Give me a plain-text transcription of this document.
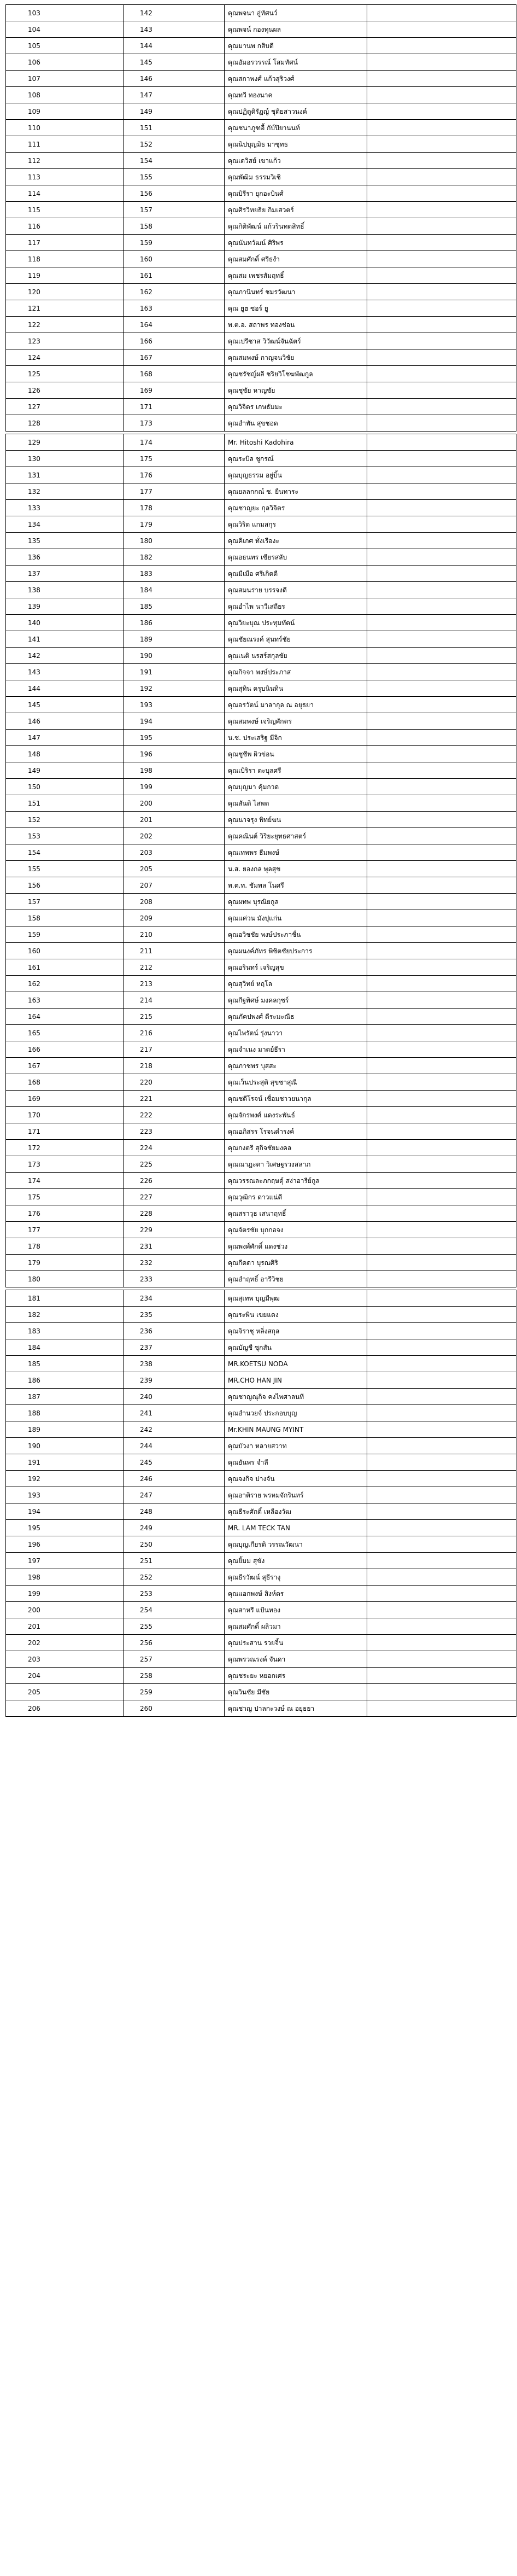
103	142	คุณพจนา อู่ทัศนว์	
104	143	คุณพจน์ กองทุนผล	
105	144	คุณมานพ กสิบดี	
106	145	คุณอัมอรวรรณ์ โสมทัศน์	
107	146	คุณสกาพงศ์ แก้วสุริวงศ์	
108	147	คุณทวี ทองนาค	
109	149	คุณปฏิดูดิรัฏญ์ ชุติยสาวนงค์	
110	151	คุณชนาภูฑอื้ กับ์ปิยานนท์	
111	152	คุณนิปบุญมิธ มาซุทธ	
112	154	คุณเดวิสย์ เขาแก้ว	
113	155	คุณพัฒิม ธรรมวิเชิ	
114	156	คุณบิรีรา ยุกอะบินศ์	
115	157	คุณศิรวิทยธิย กิมเสวตร์	
116	158	คุณกิติพัฒน์ แก้วรินทตสิทธิ์	
117	159	คุณนันทวัฒน์ ศิริพร	
118	160	คุณสมศักดิ์ ศรีธงำ	
119	161	คุณสม เพชรสัมฤทธิ์	
120	162	คุณภานินทร์ ชมรวัฒนา	
121	163	คุณ ยูฮ ซอร์ ยู	
122	164	พ.ต.อ. สถาพร ทองช่อน	
123	166	คุณเปรีซาส วิวัฒน์จันฉัตร์	
124	167	คุณสมพงษ์ กาญจนวิชัย	
125	168	คุณชรัชญ์ผลี ชริยวิโชฆพัฒกูล	
126	169	คุณชุชัย หาญชัย	
127	171	คุณวิจิตร เกษธัมมะ	
128	173	คุณอำพัน สุขชอด	

129	174	Mr. Hitoshi Kadohira	
130	175	คุณระบิล ชูกรณ์	
131	176	คุณบุญธรรม อยู่บิ้น	
132	177	คุณยลลกกณ์ ซ. ยืนทาระ	
133	178	คุณชาญยะ กุลวิจิตร	
134	179	คุณวิริต แกมสกุร	
135	180	คุณคิเกศ ทั่งเรืองะ	
136	182	คุณอธนทร เขียรสลับ	
137	183	คุณมีเมือ ศรีเกิดดี	
138	184	คุณสมนราย บรรจงดี	
139	185	คุณอำไพ นาวีเสถียร	
140	186	คุณวิยะบุณ ประทุมทัตน์	
141	189	คุณชัยณรงค์ สุนทร์ชัย	
142	190	คุณเนติ นรสร์สกุลชัย	
143	191	คุณกิจจา พงษ์ประภาส	
144	192	คุณสุทิน ครุบนินทิน	
145	193	คุณอรวัตน์ มาลากุล ณ อยุธยา	
146	194	คุณสมพงษ์ เจริญศักดร	
147	195	น.ช. ประเสริฐ มีจิก	
148	196	คุณชูชีพ ผิวข่อน	
149	198	คุณเบิริรา ตะบุลศรี	
150	199	คุณบุญมา คุ้มกวด	
151	200	คุณสันติ ไสพต	
152	201	คุณนาจรุง พิทย์ฆน	
153	202	คุณคณินต์ วิริยะยุทธศาสตร์	
154	203	คุณเทพพร ธีมพงษ์	
155	205	น.ส. ยองกล พุลสุข	
156	207	พ.ต.ท. ชัมพล โนศรี	
157	208	คุณผทพ บุรณิยกูล	
158	209	คุณแค่วน มังปุแก่น	
159	210	คุณอวิชชัย พงษ์ประภาชื่น	
160	211	คุณผนงค์ภัทร พิชิตชัยประการ	
161	212	คุณอรินทร์ เจริญสุข	
162	213	คุณสุวิทย์ หฤโล	
163	214	คุณกีฐพิศษ์ มงคลกุชร์	
164	215	คุณภัคปพงศ์ ตีระมะณีธ	
165	216	คุณไพรัตน์ รุ่งนาวา	
166	217	คุณจำเนง มาตย์ธีรา	
167	218	คุณภาชพร บุสสะ	
168	220	คุณเว็นประสุติ สุขชาสุณี	
169	221	คุณชดีโรจน์ เชื่อมชาวยนากุล	
170	222	คุณจักรพงศ์ แดงระพันธ์	
171	223	คุณอภิสรร โรจนดำรงค์	
172	224	คุณกงตรี สุกิจชัยมงคล	
173	225	คุณณาฎะดา วิเศษฐรวงสลาภ	
174	226	คุณวรรณละภกฤษดุ์ สง่าอารีย์กูล	
175	227	คุณวุฒิกร ดาวแน่ดี	
176	228	คุณสราวุธ เสนาฤทธิ์	
177	229	คุณจัตรชัย บุกกอจง	
178	231	คุณพงศ์ศักดิ์ แดงช่วง	
179	232	คุณกีดดา บุรณศิริ	
180	233	คุณอำฤทธิ์ อารีวิชย	

181	234	คุณสุเทพ บุญมีพุฒ	
182	235	คุณระพิน เขยแดง	
183	236	คุณจิราชุ หลิ่งสกุล	
184	237	คุณบัญชี ซุกสัน	
185	238	MR.KOETSU NODA	
186	239	MR.CHO HAN JIN	
187	240	คุณชาญณุกิจ คงไพศาลนที	
188	241	คุณอำนวยจ์ ประกอบบุญ	
189	242	Mr.KHIN MAUNG MYINT	
190	244	คุณบัวงา หลายสวาท	
191	245	คุณยันพร จำลี	
192	246	คุณจงกิจ ปางจัน	
193	247	คุณอาติราย พรหมจักรินทร์	
194	248	คุณธีระศักดิ์ เหลืองวัฒ	
195	249	MR. LAM TECK TAN	
196	250	คุณบุญเกียรติ วรรณวัฒนา	
197	251	คุณยิ้มม สุขัง	
198	252	คุณธีรวัฒน์ สุธีรางุ	
199	253	คุณแอกพงษ์ สิงห์ตร	
200	254	คุณสาหรี แป้นทอง	
201	255	คุณสมศักดิ์ ผลิวมา	
202	256	คุณประสาน รวยจิ้น	
203	257	คุณพรวณรงค์ จันดา	
204	258	คุณชระยะ หยอกเศร	
205	259	คุณวินชัย มีชัย	
206	260	คุณชาญ ปาลกะวงษ์ ณ อยุธยา	
